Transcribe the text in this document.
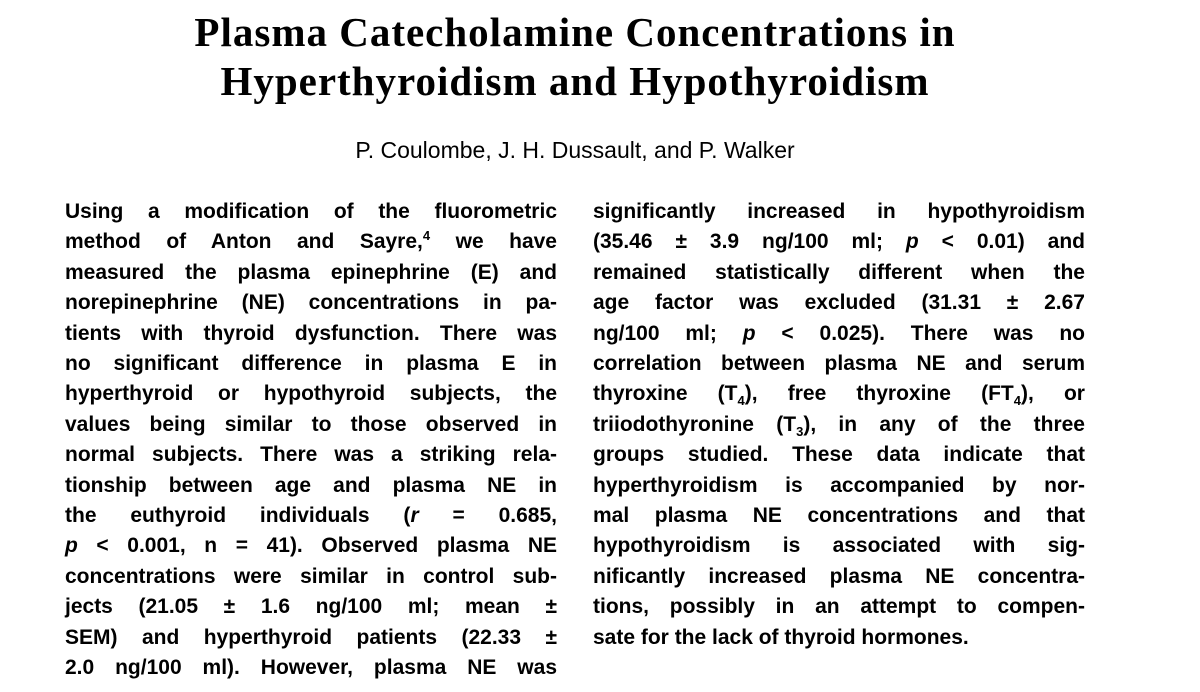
Plasma Catecholamine Concentrations in
Hyperthyroidism and Hypothyroidism
P. Coulombe, J. H. Dussault, and P. Walker
Using a modification of the fluorometric
method of Anton and Sayre,$^4$ we have
measured the plasma epinephrine (E) and
norepinephrine (NE) concentrations in pa-
tients with thyroid dysfunction. There was
no significant difference in plasma E in
hyperthyroid or hypothyroid subjects, the
values being similar to those observed in
normal subjects. There was a striking rela-
tionship between age and plasma NE in
the euthyroid individuals (r = 0.685,
p < 0.001, n = 41). Observed plasma NE
concentrations were similar in control sub-
jects (21.05 ± 1.6 ng/100 ml; mean ±
SEM) and hyperthyroid patients (22.33 ±
2.0 ng/100 ml). However, plasma NE was
significantly increased in hypothyroidism
(35.46 ± 3.9 ng/100 ml; p < 0.01) and
remained statistically different when the
age factor was excluded (31.31 ± 2.67
ng/100 ml; p < 0.025). There was no
correlation between plasma NE and serum
thyroxine $(T_4)$, free thyroxine $(FT_4)$, or
triiodothyronine $(T_3)$, in any of the three
groups studied. These data indicate that
hyperthyroidism is accompanied by nor-
mal plasma NE concentrations and that
hypothyroidism is associated with sig-
nificantly increased plasma NE concentra-
tions, possibly in an attempt to compen-
sate for the lack of thyroid hormones.
